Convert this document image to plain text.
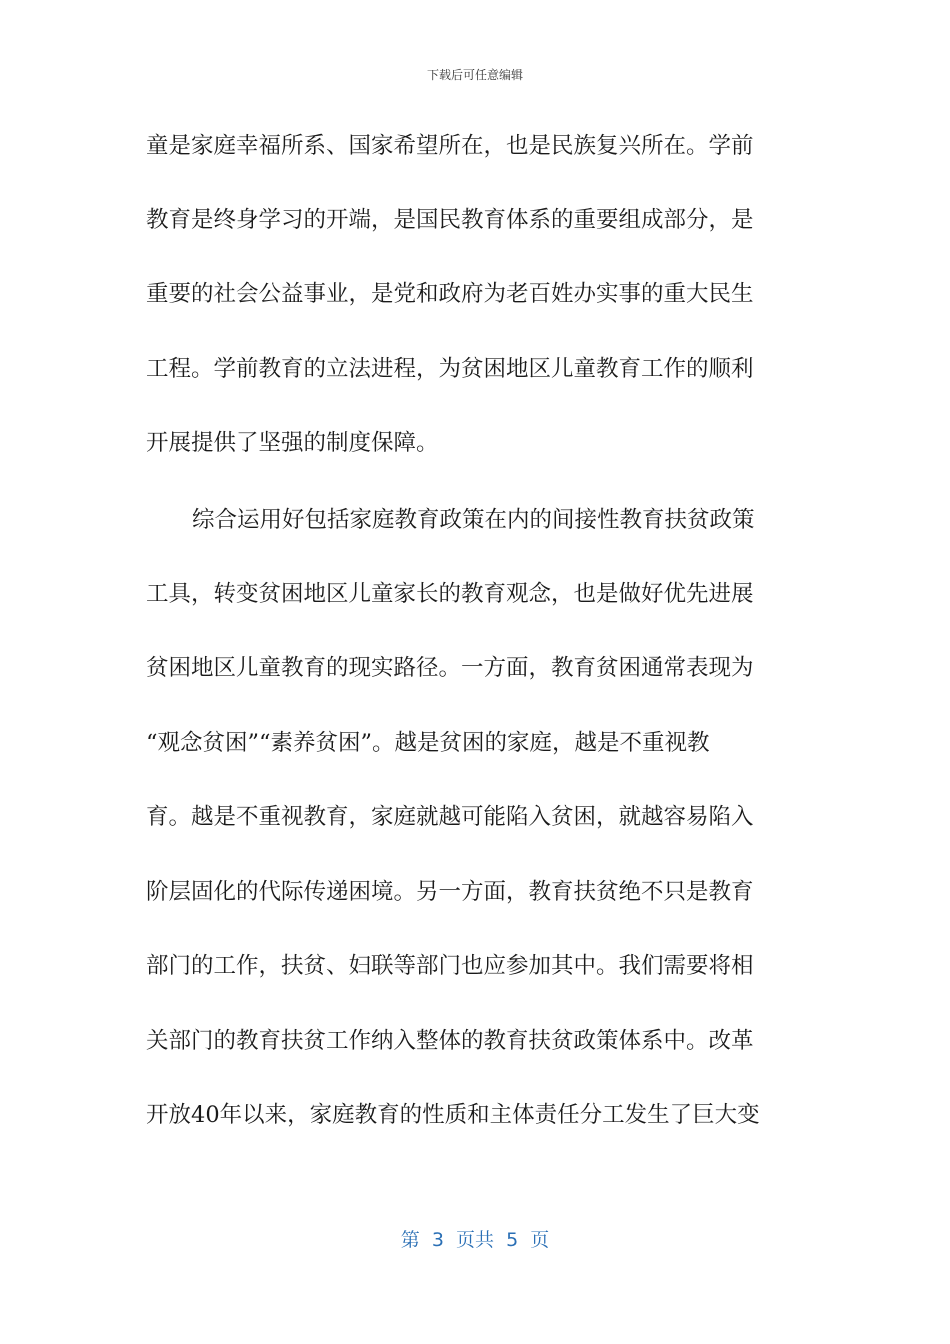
下载后可任意编辑
童是家庭幸福所系、国家希望所在，也是民族复兴所在。学前
教育是终身学习的开端，是国民教育体系的重要组成部分，是
重要的社会公益事业，是党和政府为老百姓办实事的重大民生
工程。学前教育的立法进程，为贫困地区儿童教育工作的顺利
开展提供了坚强的制度保障。
综合运用好包括家庭教育政策在内的间接性教育扶贫政策
工具，转变贫困地区儿童家长的教育观念，也是做好优先进展
贫困地区儿童教育的现实路径。一方面，教育贫困通常表现为
“观念贫困”“素养贫困”。越是贫困的家庭，越是不重视教
育。越是不重视教育，家庭就越可能陷入贫困，就越容易陷入
阶层固化的代际传递困境。另一方面，教育扶贫绝不只是教育
部门的工作，扶贫、妇联等部门也应参加其中。我们需要将相
关部门的教育扶贫工作纳入整体的教育扶贫政策体系中。改革
开放40年以来，家庭教育的性质和主体责任分工发生了巨大变
第  3  页共  5  页
